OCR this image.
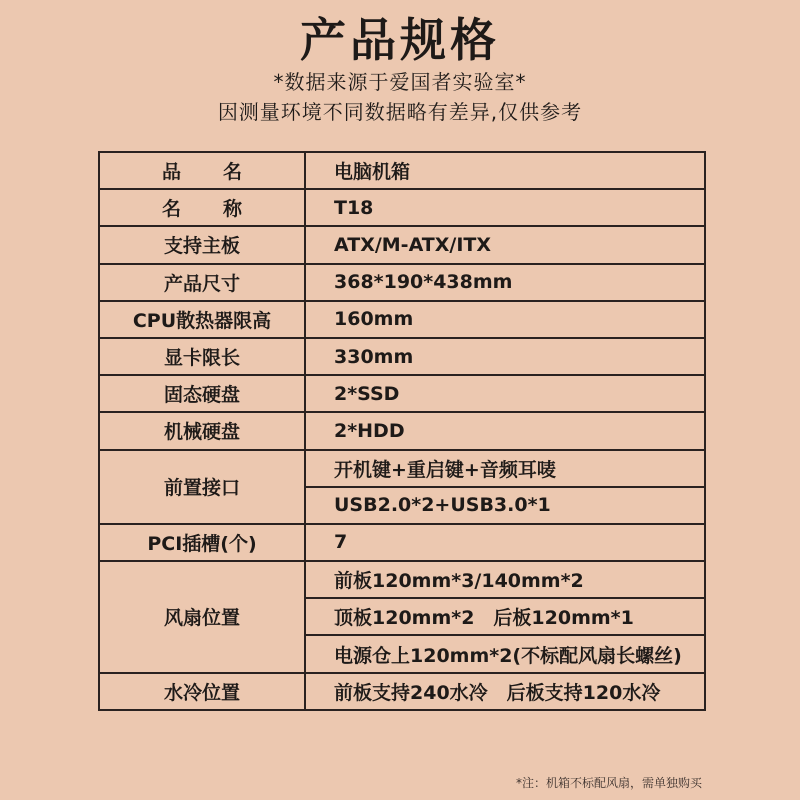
产品规格
*数据来源于爱国者实验室*
因测量环境不同数据略有差异,仅供参考
品名	电脑机箱
名称	T18
支持主板	ATX/M-ATX/ITX
产品尺寸	368*190*438mm
CPU散热器限高	160mm
显卡限长	330mm
固态硬盘	2*SSD
机械硬盘	2*HDD
前置接口	开机键+重启键+音频耳唛
	USB2.0*2+USB3.0*1
PCI插槽(个)	7
风扇位置	前板120mm*3/140mm*2
	顶板120mm*2　后板120mm*1
	电源仓上120mm*2(不标配风扇长螺丝)
水冷位置	前板支持240水冷　后板支持120水冷
*注：机箱不标配风扇，需单独购买
